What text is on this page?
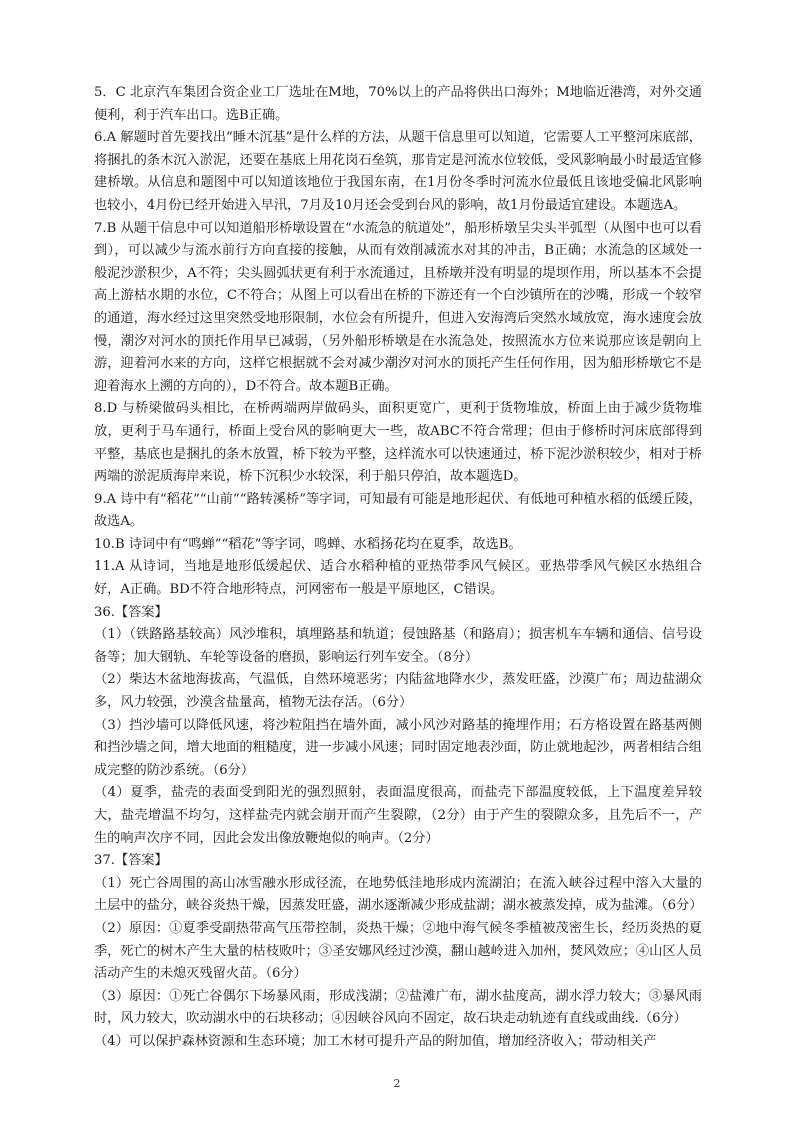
5．C 北京汽车集团合资企业工厂选址在M地，70%以上的产品将供出口海外；M地临近港湾，对外交通便利，利于汽车出口。选B正确。

6.A 解题时首先要找出“睡木沉基”是什么样的方法，从题干信息里可以知道，它需要人工平整河床底部，将捆扎的条木沉入淤泥，还要在基底上用花岗石垒筑，那肯定是河流水位较低，受风影响最小时最适宜修建桥墩。从信息和题图中可以知道该地位于我国东南，在1月份冬季时河流水位最低且该地受偏北风影响也较小，4月份已经开始进入早汛，7月及10月还会受到台风的影响，故1月份最适宜建设。本题选A。

7.B 从题干信息中可以知道船形桥墩设置在“水流急的航道处”，船形桥墩呈尖头半弧型（从图中也可以看到），可以减少与流水前行方向直接的接触，从而有效削减流水对其的冲击，B正确；水流急的区域处一般泥沙淤积少，A不符；尖头圆弧状更有利于水流通过，且桥墩并没有明显的堤坝作用，所以基本不会提高上游枯水期的水位，C不符合；从图上可以看出在桥的下游还有一个白沙镇所在的沙嘴，形成一个较窄的通道，海水经过这里突然受地形限制，水位会有所提升，但进入安海湾后突然水域放宽，海水速度会放慢，潮汐对河水的顶托作用早已减弱，（另外船形桥墩是在水流急处，按照流水方位来说那应该是朝向上游，迎着河水来的方向，这样它根据就不会对减少潮汐对河水的顶托产生任何作用，因为船形桥墩它不是迎着海水上溯的方向的），D不符合。故本题B正确。

8.D 与桥梁做码头相比，在桥两端两岸做码头，面积更宽广，更利于货物堆放，桥面上由于减少货物堆放，更利于马车通行，桥面上受台风的影响更大一些，故ABC不符合常理；但由于修桥时河床底部得到平整，基底也是捆扎的条木放置，桥下较为平整，这样流水可以快速通过，桥下泥沙淤积较少，相对于桥两端的淤泥质海岸来说，桥下沉积少水较深，利于船只停泊，故本题选D。

9.A 诗中有“稻花”“山前”“路转溪桥”等字词，可知最有可能是地形起伏、有低地可种植水稻的低缓丘陵，故选A。

10.B 诗词中有“鸣蝉”“稻花”等字词，鸣蝉、水稻扬花均在夏季，故选B。

11.A 从诗词，当地是地形低缓起伏、适合水稻种植的亚热带季风气候区。亚热带季风气候区水热组合好，A正确。BD不符合地形特点，河网密布一般是平原地区，C错误。

36.【答案】

（1）（铁路路基较高）风沙堆积，填埋路基和轨道；侵蚀路基（和路肩）；损害机车车辆和通信、信号设备等；加大钢轨、车轮等设备的磨损，影响运行列车安全。（8分）

（2）柴达木盆地海拔高，气温低，自然环境恶劣；内陆盆地降水少，蒸发旺盛，沙漠广布；周边盐湖众多，风力较强，沙漠含盐量高，植物无法存活。（6分）

（3）挡沙墙可以降低风速，将沙粒阻挡在墙外面，减小风沙对路基的掩埋作用；石方格设置在路基两侧和挡沙墙之间，增大地面的粗糙度，进一步减小风速；同时固定地表沙面，防止就地起沙，两者相结合组成完整的防沙系统。（6分）

（4）夏季，盐壳的表面受到阳光的强烈照射，表面温度很高，而盐壳下部温度较低，上下温度差异较大，盐壳增温不均匀，这样盐壳内就会崩开而产生裂隙，（2分）由于产生的裂隙众多，且先后不一，产生的响声次序不同，因此会发出像放鞭炮似的响声。（2分）

37.【答案】

（1）死亡谷周围的高山冰雪融水形成径流，在地势低洼地形成内流湖泊；在流入峡谷过程中溶入大量的土层中的盐分，峡谷炎热干燥，因蒸发旺盛，湖水逐渐减少形成盐湖；湖水被蒸发掉，成为盐滩。（6分）

（2）原因：①夏季受副热带高气压带控制，炎热干燥；②地中海气候冬季植被茂密生长，经历炎热的夏季，死亡的树木产生大量的枯枝败叶；③圣安娜风经过沙漠，翻山越岭进入加州，焚风效应；④山区人员活动产生的未熄灭残留火苗。（6分）

（3）原因：①死亡谷偶尔下场暴风雨，形成浅湖；②盐滩广布，湖水盐度高，湖水浮力较大；③暴风雨时，风力较大，吹动湖水中的石块移动；④因峡谷风向不固定，故石块走动轨迹有直线或曲线.（6分）

（4）可以保护森林资源和生态环境；加工木材可提升产品的附加值，增加经济收入；带动相关产

2
